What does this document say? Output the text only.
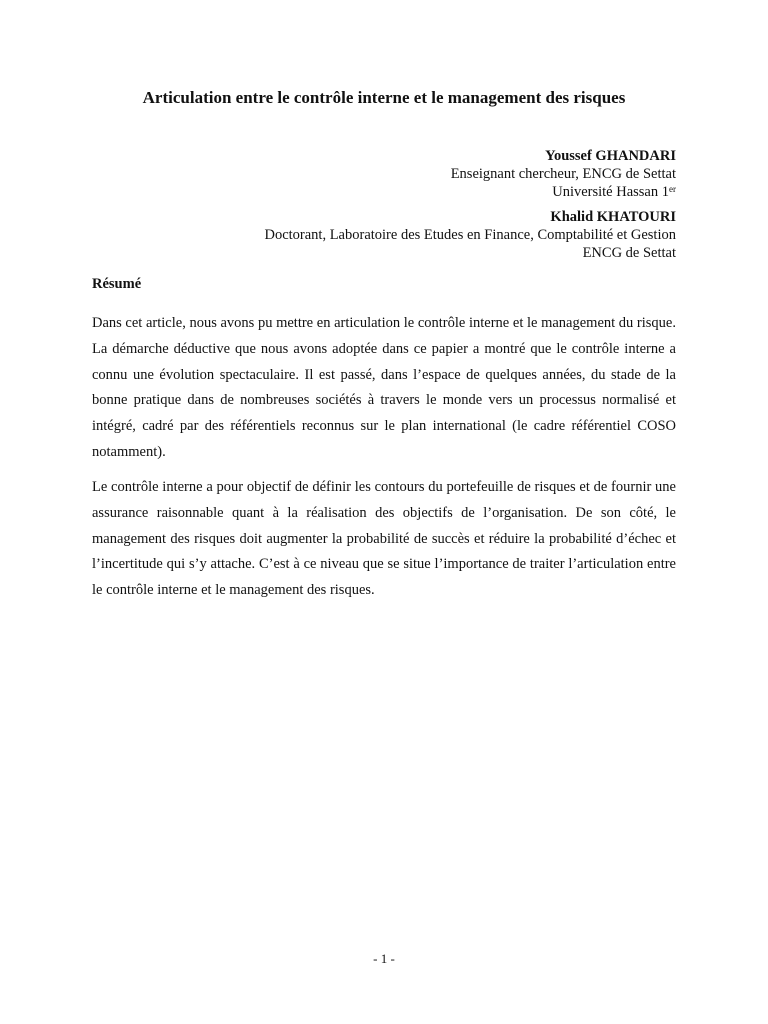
Articulation entre le contrôle interne et le management des risques
Youssef GHANDARI
Enseignant chercheur, ENCG de Settat
Université Hassan 1er
Khalid KHATOURI
Doctorant, Laboratoire des Etudes en Finance, Comptabilité et Gestion
ENCG de Settat
Résumé

Dans cet article, nous avons pu mettre en articulation le contrôle interne et le management du risque. La démarche déductive que nous avons adoptée dans ce papier a montré que le contrôle interne a connu une évolution spectaculaire. Il est passé, dans l’espace de quelques années, du stade de la bonne pratique dans de nombreuses sociétés à travers le monde vers un processus normalisé et intégré, cadré par des référentiels reconnus sur le plan international (le cadre référentiel COSO notamment).

Le contrôle interne a pour objectif de définir les contours du portefeuille de risques et de fournir une assurance raisonnable quant à la réalisation des objectifs de l’organisation. De son côté, le management des risques doit augmenter la probabilité de succès et réduire la probabilité d’échec et l’incertitude qui s’y attache. C’est à ce niveau que se situe l’importance de traiter l’articulation entre le contrôle interne et le management des risques.

- 1 -
